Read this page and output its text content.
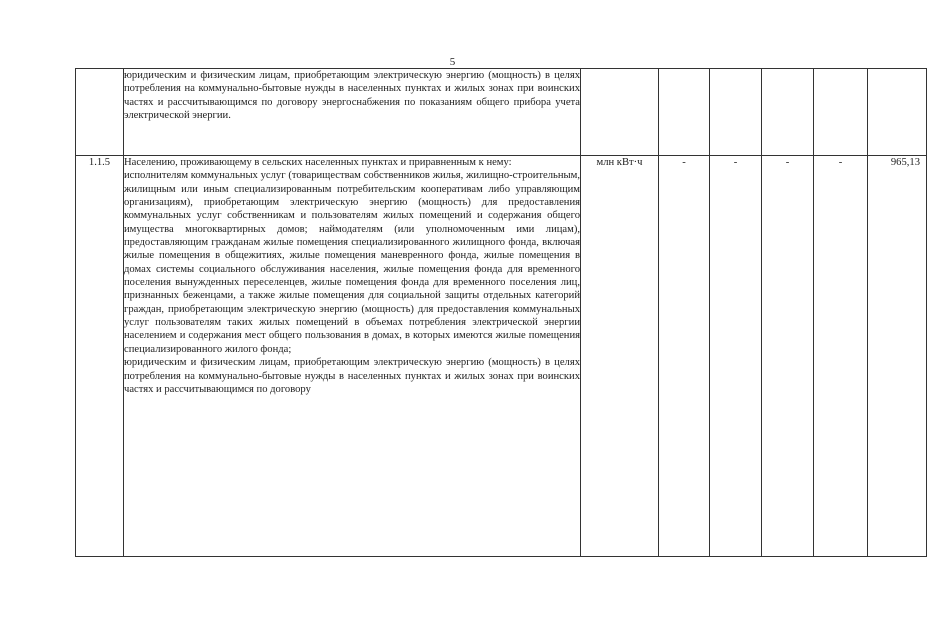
5

	юридическим и физическим лицам, приобретающим электрическую энергию (мощность) в целях потребления на коммунально-бытовые нужды в населенных пунктах и жилых зонах при воинских частях и рассчитывающимся по договору энергоснабжения по показаниям общего прибора учета электрической энергии.						

1.1.5	Населению, проживающему в сельских населенных пунктах и приравненным к нему:

исполнителям коммунальных услуг (товариществам собственников жилья, жилищно-строительным, жилищным или иным специализированным потребительским кооперативам либо управляющим организациям), приобретающим электрическую энергию (мощность) для предоставления коммунальных услуг собственникам и пользователям жилых помещений и содержания общего имущества многоквартирных домов; наймодателям (или уполномоченным ими лицам), предоставляющим гражданам жилые помещения специализированного жилищного фонда, включая жилые помещения в общежитиях, жилые помещения маневренного фонда, жилые помещения в домах системы социального обслуживания населения, жилые помещения фонда для временного поселения вынужденных переселенцев, жилые помещения фонда для временного поселения лиц, признанных беженцами, а также жилые помещения для социальной защиты отдельных категорий граждан, приобретающим электрическую энергию (мощность) для предоставления коммунальных услуг пользователям таких жилых помещений в объемах потребления электрической энергии населением и содержания мест общего пользования в домах, в которых имеются жилые помещения специализированного жилого фонда;

юридическим и физическим лицам, приобретающим электрическую энергию (мощность) в целях потребления на коммунально-бытовые нужды в населенных пунктах и жилых зонах при воинских частях и рассчитывающимся по договору	млн кВт·ч	-	-	-	-	965,13
